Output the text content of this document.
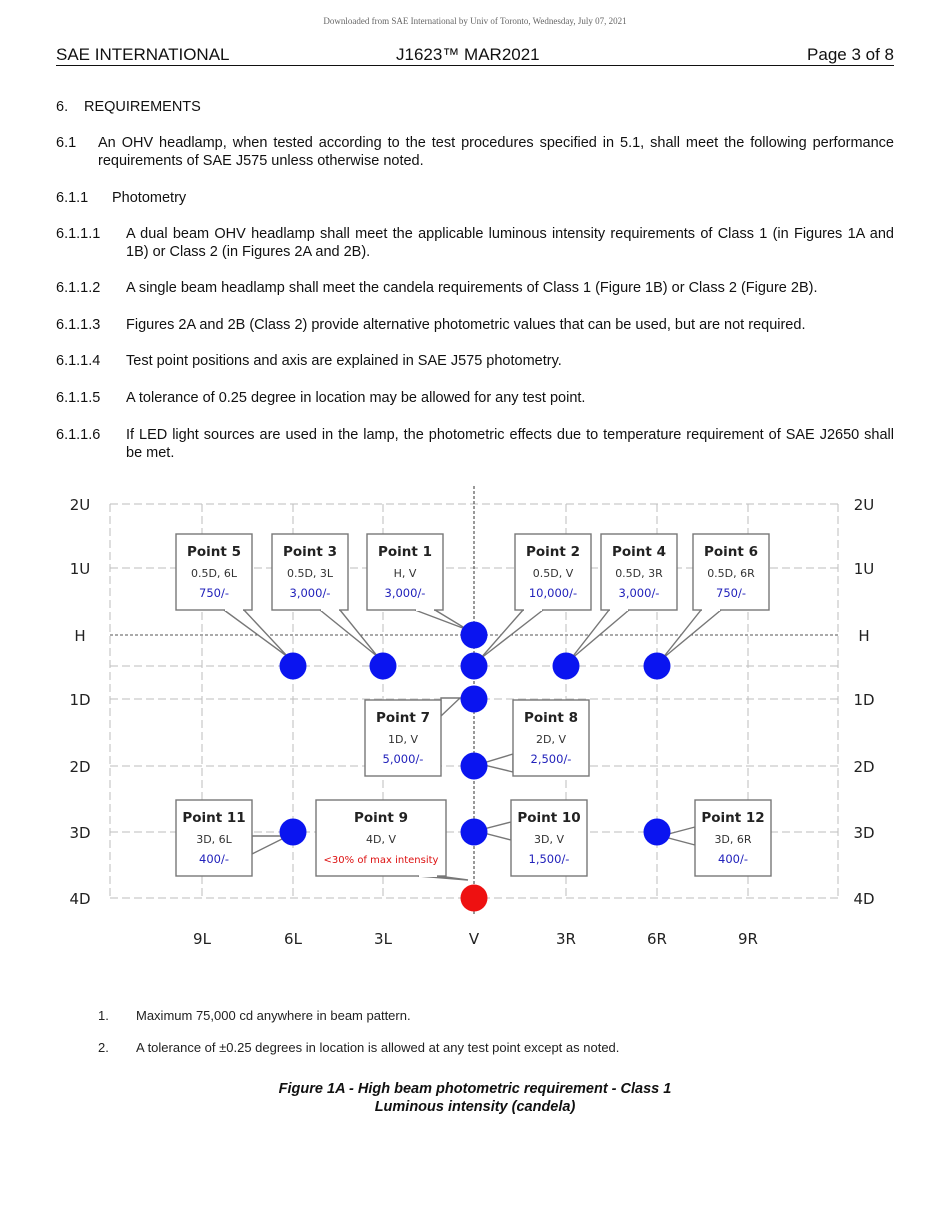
Downloaded from SAE International by Univ of Toronto, Wednesday, July 07, 2021
SAE INTERNATIONAL	J1623™ MAR2021	Page 3 of 8
6. REQUIREMENTS
6.1 An OHV headlamp, when tested according to the test procedures specified in 5.1, shall meet the following performance requirements of SAE J575 unless otherwise noted.
6.1.1 Photometry
6.1.1.1 A dual beam OHV headlamp shall meet the applicable luminous intensity requirements of Class 1 (in Figures 1A and 1B) or Class 2 (in Figures 2A and 2B).
6.1.1.2 A single beam headlamp shall meet the candela requirements of Class 1 (Figure 1B) or Class 2 (Figure 2B).
6.1.1.3 Figures 2A and 2B (Class 2) provide alternative photometric values that can be used, but are not required.
6.1.1.4 Test point positions and axis are explained in SAE J575 photometry.
6.1.1.5 A tolerance of 0.25 degree in location may be allowed for any test point.
6.1.1.6 If LED light sources are used in the lamp, the photometric effects due to temperature requirement of SAE J2650 shall be met.
Point 5
0.5D, 6L
750/-
Point 3
0.5D, 3L
3,000/-
Point 1
H, V
3,000/-
Point 2
0.5D, V
10,000/-
Point 4
0.5D, 3R
3,000/-
Point 6
0.5D, 6R
750/-
Point 7
1D, V
5,000/-
Point 8
2D, V
2,500/-
Point 11
3D, 6L
400/-
Point 9
4D, V
<30% of max intensity
Point 10
3D, V
1,500/-
Point 12
3D, 6R
400/-
2U	2U
1U	1U
H	H
1D	1D
2D	2D
3D	3D
4D	4D
9L	6L	3L	V	3R	6R	9R
1. Maximum 75,000 cd anywhere in beam pattern.
2. A tolerance of ±0.25 degrees in location is allowed at any test point except as noted.
Figure 1A - High beam photometric requirement - Class 1
Luminous intensity (candela)
